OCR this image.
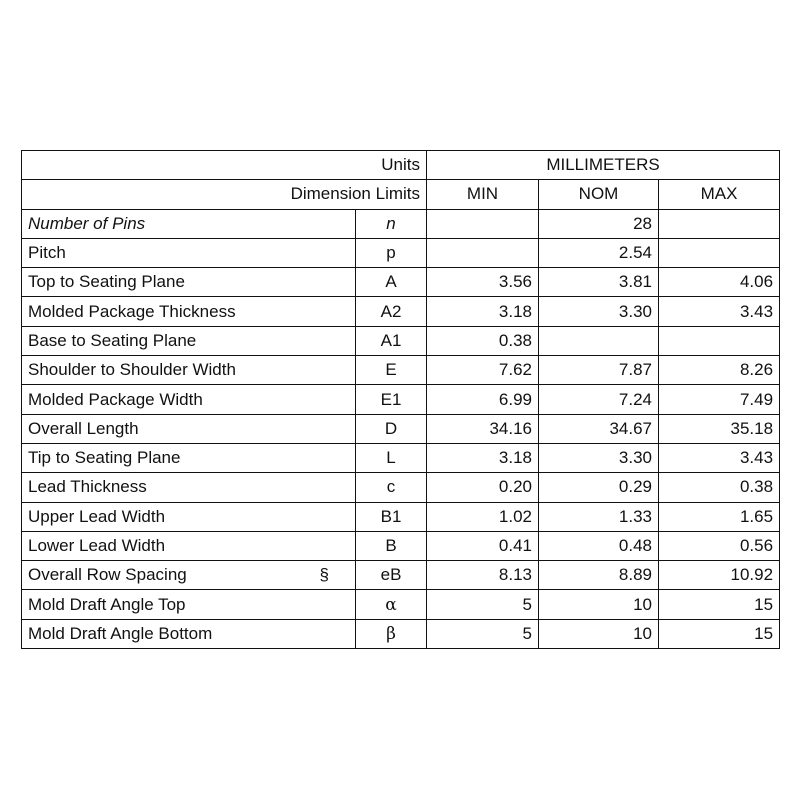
Units		MILLIMETERS		
Dimension Limits		MIN	NOM	MAX
Number of Pins	n		28	
Pitch	p		2.54	
Top to Seating Plane	A	3.56	3.81	4.06
Molded Package Thickness	A2	3.18	3.30	3.43
Base to Seating Plane	A1	0.38		
Shoulder to Shoulder Width	E	7.62	7.87	8.26
Molded Package Width	E1	6.99	7.24	7.49
Overall Length	D	34.16	34.67	35.18
Tip to Seating Plane	L	3.18	3.30	3.43
Lead Thickness	c	0.20	0.29	0.38
Upper Lead Width	B1	1.02	1.33	1.65
Lower Lead Width	B	0.41	0.48	0.56
Overall Row Spacing §	eB	8.13	8.89	10.92
Mold Draft Angle Top	α	5	10	15
Mold Draft Angle Bottom	β	5	10	15
